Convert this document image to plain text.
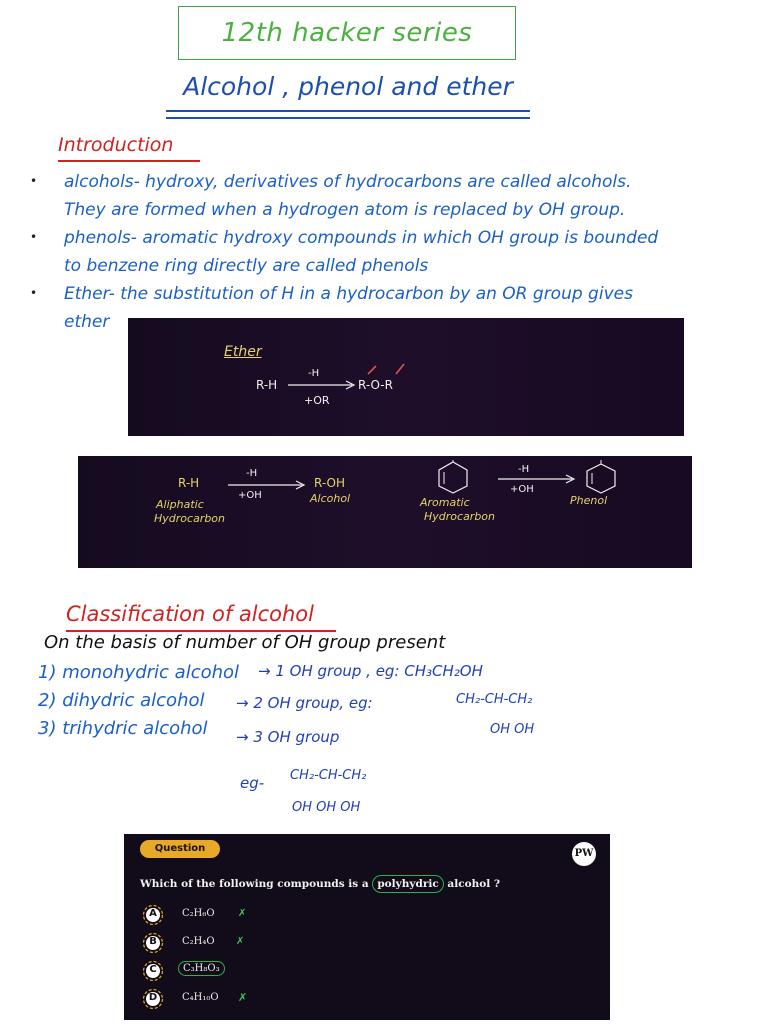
12th hacker series
Alcohol , phenol and ether
Introduction
• alcohols- hydroxy, derivatives of hydrocarbons are called alcohols.
They are formed when a hydrogen atom is replaced by OH group.
• phenols- aromatic hydroxy compounds in which OH group is bounded
to benzene ring directly are called phenols
• Ether- the substitution of H in a hydrocarbon by an OR group gives
ether
Ether
R-H
-H
+OR
R-O-R
R-H
-H
+OH
R-OH
Aliphatic
Hydrocarbon
Alcohol
-H
+OH
Aromatic
Hydrocarbon
Phenol
Classification of alcohol
On the basis of number of OH group present
1) monohydric alcohol
2) dihydric alcohol
3) trihydric alcohol
→ 1 OH group , eg: CH₃CH₂OH
→ 2 OH group, eg:	CH₂-CH-CH₂
OH OH
→ 3 OH group
eg- CH₂-CH-CH₂
OH OH OH
Question	PW
Which of the following compounds is a polyhydric alcohol ?
A	C₂H₆O ✗
B	C₂H₄O ✗
C	C₃H₈O₃
D C₄H₁₀O ✗
